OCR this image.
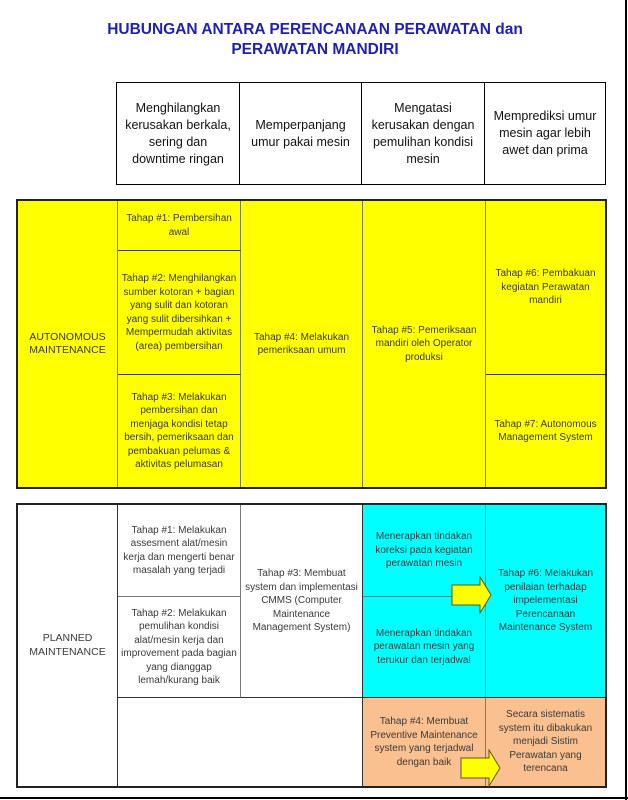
HUBUNGAN ANTARA PERENCANAAN PERAWATAN dan
PERAWATAN MANDIRI
Menghilangkan kerusakan berkala, sering dan downtime ringan
Memperpanjang umur pakai mesin
Mengatasi kerusakan dengan pemulihan kondisi mesin
Memprediksi umur mesin agar lebih awet dan prima
AUTONOMOUS MAINTENANCE
Tahap #1: Pembersihan awal
Tahap #2: Menghilangkan sumber kotoran + bagian yang sulit dan kotoran yang sulit dibersihkan + Mempermudah aktivitas (area) pembersihan
Tahap #3: Melakukan pembersihan dan menjaga kondisi tetap bersih, pemeriksaan dan pembakuan pelumas & aktivitas pelumasan
Tahap #4: Melakukan pemeriksaan umum
Tahap #5: Pemeriksaan mandiri oleh Operator produksi
Tahap #6: Pembakuan kegiatan Perawatan mandiri
Tahap #7: Autonomous Management System
PLANNED MAINTENANCE
Tahap #1: Melakukan assesment alat/mesin kerja dan mengerti benar masalah yang terjadi
Tahap #2: Melakukan pemulihan kondisi alat/mesin kerja dan improvement pada bagian yang dianggap lemah/kurang baik
Tahap #3: Membuat system dan implementasi CMMS (Computer Maintenance Management System)
Menerapkan tindakan koreksi pada kegiatan perawatan mesin
Menerapkan tindakan perawatan mesin yang terukur dan terjadwal
Tahap #6: Melakukan penilaian terhadap impelementasi Perencanaan Maintenance System
Tahap #4: Membuat Preventive Maintenance system yang terjadwal dengan baik
Secara sistematis system itu dibakukan menjadi Sistim Perawatan yang terencana
